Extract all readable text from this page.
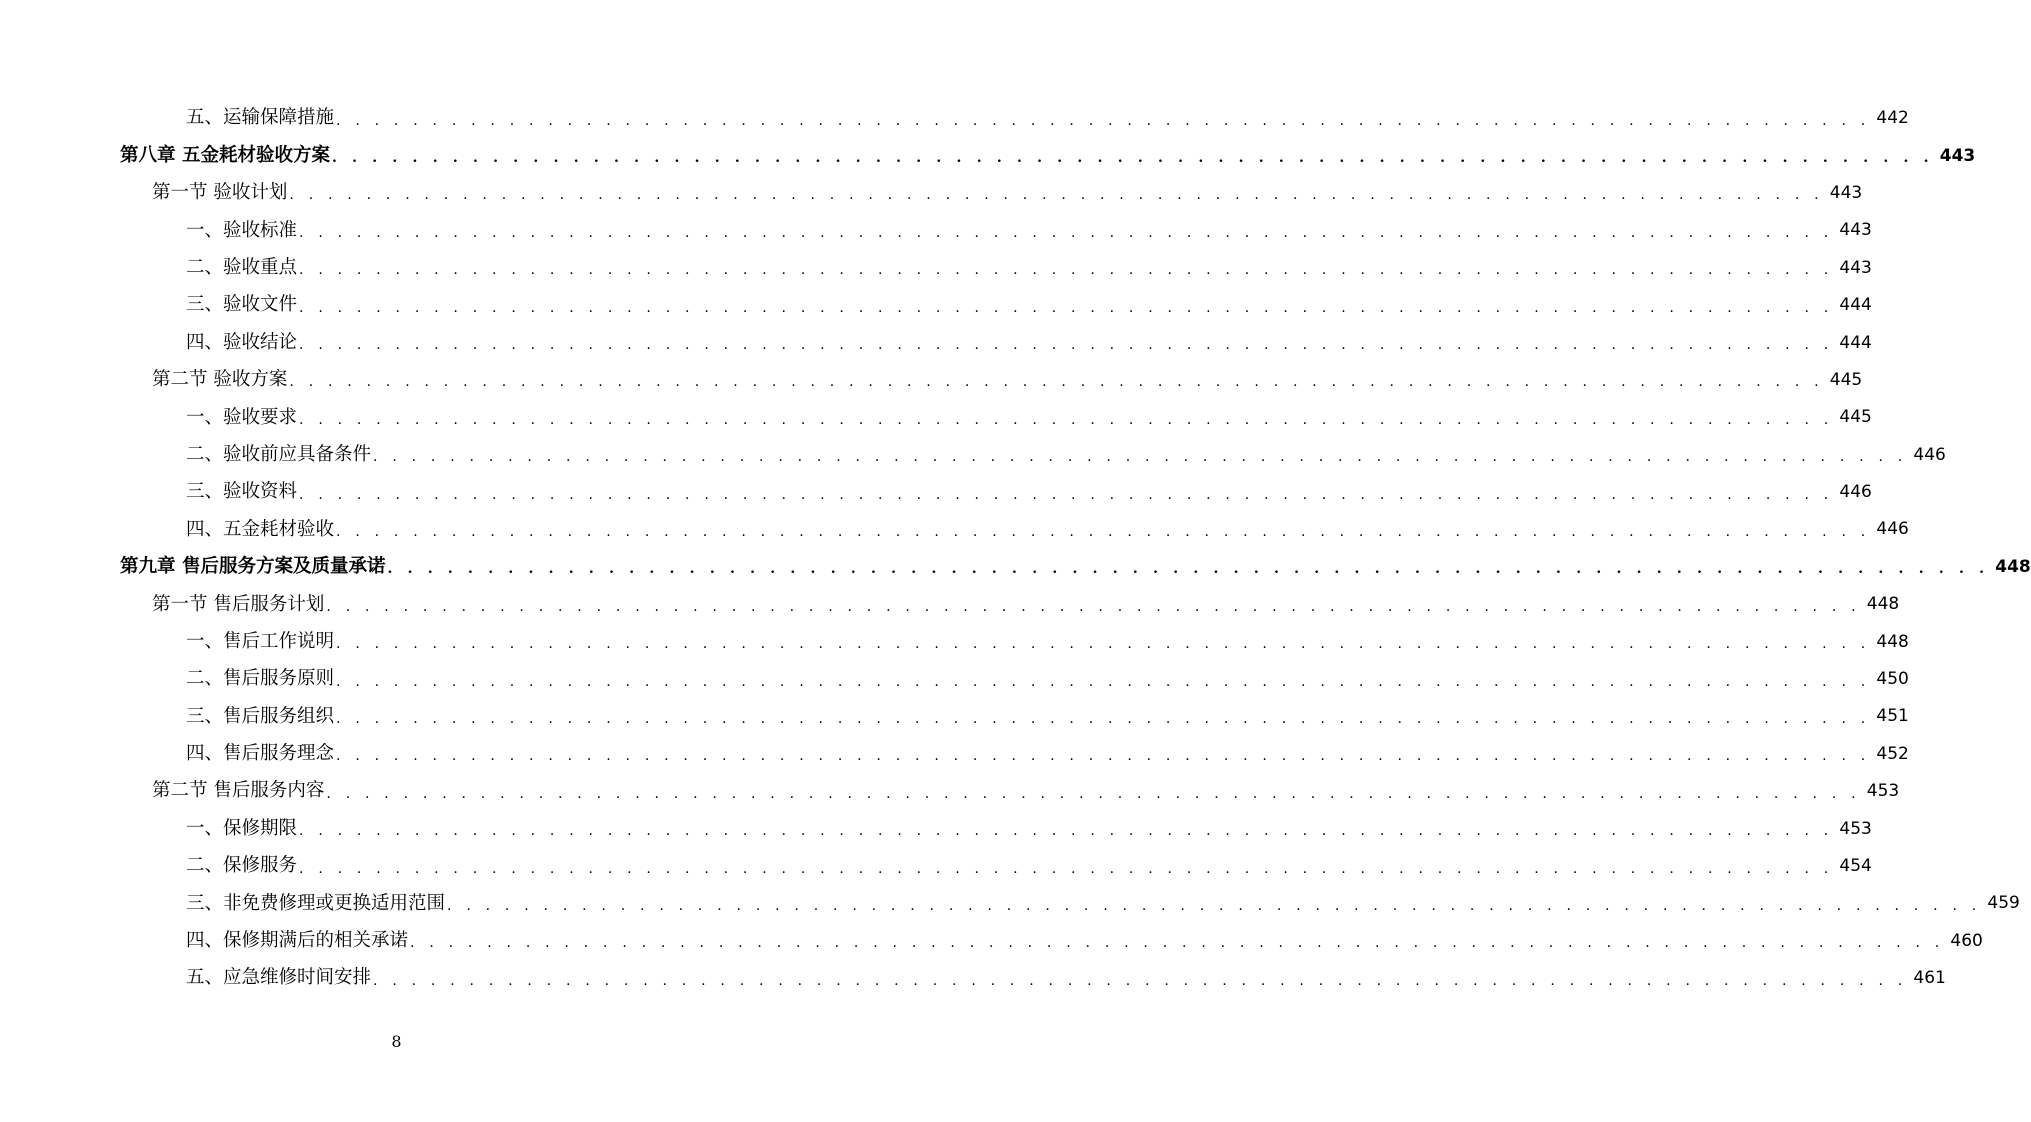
五、运输保障措施 . . . . . . . . . . . . . . . . . . . . . . . . . . . . . . . . . . . . . . . . . . . . . . . . . . . . . . . . . . . . . . . . . . . . . . . . . . . . . . . . 442
第八章 五金耗材验收方案 . . . . . . . . . . . . . . . . . . . . . . . . . . . . . . . . . . . . . . . . . . . . . . . . . . . . . . . . . . . . . . . . . . . . . . . . . . . . . . . . 443
第一节 验收计划 . . . . . . . . . . . . . . . . . . . . . . . . . . . . . . . . . . . . . . . . . . . . . . . . . . . . . . . . . . . . . . . . . . . . . . . . . . . . . . . . 443
一、验收标准 . . . . . . . . . . . . . . . . . . . . . . . . . . . . . . . . . . . . . . . . . . . . . . . . . . . . . . . . . . . . . . . . . . . . . . . . . . . . . . . . 443
二、验收重点 . . . . . . . . . . . . . . . . . . . . . . . . . . . . . . . . . . . . . . . . . . . . . . . . . . . . . . . . . . . . . . . . . . . . . . . . . . . . . . . . 443
三、验收文件 . . . . . . . . . . . . . . . . . . . . . . . . . . . . . . . . . . . . . . . . . . . . . . . . . . . . . . . . . . . . . . . . . . . . . . . . . . . . . . . . 444
四、验收结论 . . . . . . . . . . . . . . . . . . . . . . . . . . . . . . . . . . . . . . . . . . . . . . . . . . . . . . . . . . . . . . . . . . . . . . . . . . . . . . . . 444
第二节 验收方案 . . . . . . . . . . . . . . . . . . . . . . . . . . . . . . . . . . . . . . . . . . . . . . . . . . . . . . . . . . . . . . . . . . . . . . . . . . . . . . . . 445
一、验收要求 . . . . . . . . . . . . . . . . . . . . . . . . . . . . . . . . . . . . . . . . . . . . . . . . . . . . . . . . . . . . . . . . . . . . . . . . . . . . . . . . 445
二、验收前应具备条件 . . . . . . . . . . . . . . . . . . . . . . . . . . . . . . . . . . . . . . . . . . . . . . . . . . . . . . . . . . . . . . . . . . . . . . . . . . . . . . . . 446
三、验收资料 . . . . . . . . . . . . . . . . . . . . . . . . . . . . . . . . . . . . . . . . . . . . . . . . . . . . . . . . . . . . . . . . . . . . . . . . . . . . . . . . 446
四、五金耗材验收 . . . . . . . . . . . . . . . . . . . . . . . . . . . . . . . . . . . . . . . . . . . . . . . . . . . . . . . . . . . . . . . . . . . . . . . . . . . . . . . . 446
第九章 售后服务方案及质量承诺 . . . . . . . . . . . . . . . . . . . . . . . . . . . . . . . . . . . . . . . . . . . . . . . . . . . . . . . . . . . . . . . . . . . . . . . . . . . . . . . . 448
第一节 售后服务计划 . . . . . . . . . . . . . . . . . . . . . . . . . . . . . . . . . . . . . . . . . . . . . . . . . . . . . . . . . . . . . . . . . . . . . . . . . . . . . . . . 448
一、售后工作说明 . . . . . . . . . . . . . . . . . . . . . . . . . . . . . . . . . . . . . . . . . . . . . . . . . . . . . . . . . . . . . . . . . . . . . . . . . . . . . . . . 448
二、售后服务原则 . . . . . . . . . . . . . . . . . . . . . . . . . . . . . . . . . . . . . . . . . . . . . . . . . . . . . . . . . . . . . . . . . . . . . . . . . . . . . . . . 450
三、售后服务组织 . . . . . . . . . . . . . . . . . . . . . . . . . . . . . . . . . . . . . . . . . . . . . . . . . . . . . . . . . . . . . . . . . . . . . . . . . . . . . . . . 451
四、售后服务理念 . . . . . . . . . . . . . . . . . . . . . . . . . . . . . . . . . . . . . . . . . . . . . . . . . . . . . . . . . . . . . . . . . . . . . . . . . . . . . . . . 452
第二节 售后服务内容 . . . . . . . . . . . . . . . . . . . . . . . . . . . . . . . . . . . . . . . . . . . . . . . . . . . . . . . . . . . . . . . . . . . . . . . . . . . . . . . . 453
一、保修期限 . . . . . . . . . . . . . . . . . . . . . . . . . . . . . . . . . . . . . . . . . . . . . . . . . . . . . . . . . . . . . . . . . . . . . . . . . . . . . . . . 453
二、保修服务 . . . . . . . . . . . . . . . . . . . . . . . . . . . . . . . . . . . . . . . . . . . . . . . . . . . . . . . . . . . . . . . . . . . . . . . . . . . . . . . . 454
三、非免费修理或更换适用范围 . . . . . . . . . . . . . . . . . . . . . . . . . . . . . . . . . . . . . . . . . . . . . . . . . . . . . . . . . . . . . . . . . . . . . . . . . . . . . . . . 459
四、保修期满后的相关承诺 . . . . . . . . . . . . . . . . . . . . . . . . . . . . . . . . . . . . . . . . . . . . . . . . . . . . . . . . . . . . . . . . . . . . . . . . . . . . . . . . 460
五、应急维修时间安排 . . . . . . . . . . . . . . . . . . . . . . . . . . . . . . . . . . . . . . . . . . . . . . . . . . . . . . . . . . . . . . . . . . . . . . . . . . . . . . . . 461
8
